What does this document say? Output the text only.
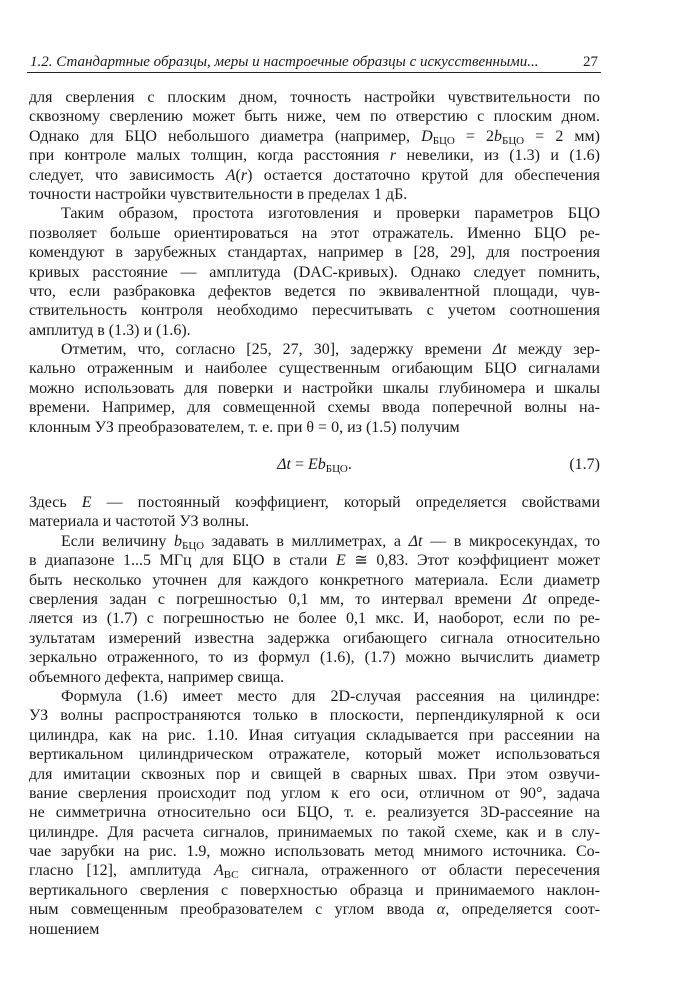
1.2. Стандартные образцы, меры и настроечные образцы с искусственными...	27
для сверления с плоским дном, точность настройки чувствительности по
сквозному сверлению может быть ниже, чем по отверстию с плоским дном.
Однако для БЦО небольшого диаметра (например, $D_{БЦО} = 2b_{БЦО} = 2$ мм)
при контроле малых толщин, когда расстояния r невелики, из (1.3) и (1.6)
следует, что зависимость A(r) остается достаточно крутой для обеспечения
точности настройки чувствительности в пределах 1 дБ.
Таким образом, простота изготовления и проверки параметров БЦО
позволяет больше ориентироваться на этот отражатель. Именно БЦО ре-
комендуют в зарубежных стандартах, например в [28, 29], для построения
кривых расстояние — амплитуда (DAC-кривых). Однако следует помнить,
что, если разбраковка дефектов ведется по эквивалентной площади, чув-
ствительность контроля необходимо пересчитывать с учетом соотношения
амплитуд в (1.3) и (1.6).
Отметим, что, согласно [25, 27, 30], задержку времени Δt между зер-
кально отраженным и наиболее существенным огибающим БЦО сигналами
можно использовать для поверки и настройки шкалы глубиномера и шкалы
времени. Например, для совмещенной схемы ввода поперечной волны на-
клонным УЗ преобразователем, т. е. при θ = 0, из (1.5) получим
$\Delta t = Eb_{БЦО}$.	(1.7)
Здесь E — постоянный коэффициент, который определяется свойствами
материала и частотой УЗ волны.
Если величину $b_{БЦО}$ задавать в миллиметрах, а Δt — в микросекундах, то
в диапазоне 1...5 МГц для БЦО в стали E ≅ 0,83. Этот коэффициент может
быть несколько уточнен для каждого конкретного материала. Если диаметр
сверления задан с погрешностью 0,1 мм, то интервал времени Δt опреде-
ляется из (1.7) с погрешностью не более 0,1 мкс. И, наоборот, если по ре-
зультатам измерений известна задержка огибающего сигнала относительно
зеркально отраженного, то из формул (1.6), (1.7) можно вычислить диаметр
объемного дефекта, например свища.
Формула (1.6) имеет место для 2D-случая рассеяния на цилиндре:
УЗ волны распространяются только в плоскости, перпендикулярной к оси
цилиндра, как на рис. 1.10. Иная ситуация складывается при рассеянии на
вертикальном цилиндрическом отражателе, который может использоваться
для имитации сквозных пор и свищей в сварных швах. При этом озвучи-
вание сверления происходит под углом к его оси, отличном от 90°, задача
не симметрична относительно оси БЦО, т. е. реализуется 3D-рассеяние на
цилиндре. Для расчета сигналов, принимаемых по такой схеме, как и в слу-
чае зарубки на рис. 1.9, можно использовать метод мнимого источника. Со-
гласно [12], амплитуда $A_{BC}$ сигнала, отраженного от области пересечения
вертикального сверления с поверхностью образца и принимаемого наклон-
ным совмещенным преобразователем с углом ввода α, определяется соот-
ношением
